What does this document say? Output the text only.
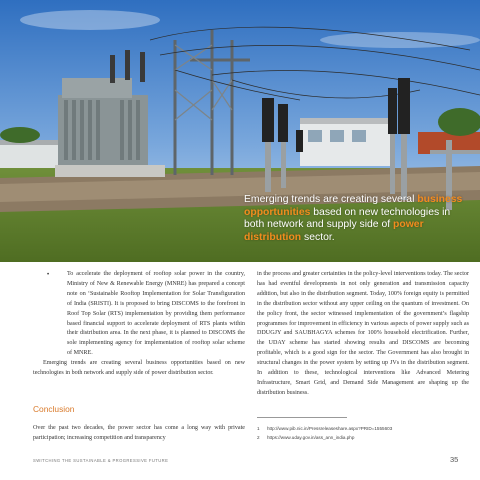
Emerging trends are creating several business opportunities based on new technologies in both network and supply side of power distribution sector.
•	To accelerate the deployment of rooftop solar power in the country, Ministry of New & Renewable Energy (MNRE) has prepared a concept note on ‘Sustainable Rooftop Implementation for Solar Transfiguration of India (SRISTI). It is proposed to bring DISCOMS to the forefront in Roof Top Solar (RTS) implementation by providing them performance based financial support to accelerate deployment of RTS plants within their distribution area. In the next phase, it is planned to DISCOMS the sole implementing agency for implementation of rooftop solar scheme of MNRE.
Emerging trends are creating several business opportunities based on new technologies in both network and supply side of power distribution sector.
Conclusion
Over the past two decades, the power sector has come a long way with private participation; increasing competition and transparency
in the process and greater certainties in the policy-level interventions today. The sector has had eventful developments in not only generation and transmission capacity addition, but also in the distribution segment. Today, 100% foreign equity is permitted in the distribution sector without any upper ceiling on the quantum of investment. On the policy front, the sector witnessed implementation of the government’s flagship programmes for improvement in efficiency in various aspects of power supply such as DDUGJY and SAUBHAGYA schemes for 100% household electrification. Further, the UDAY scheme has started showing results and DISCOMS are becoming profitable, which is a good sign for the sector. The Government has also brought in structural changes in the power system by setting up JVs in the distribution segment. In addition to these, technological interventions like Advanced Metering Infrastructure, Smart Grid, and Demand Side Management are shaping up the distribution business.
1 http://www.pib.nic.in/Pressreleaseshare.aspx?PRID=1555603
2 https://www.uday.gov.in/ass_ann_india.php
SWITCHING THE SUSTAINABLE & PROGRESSIVE FUTURE	35
